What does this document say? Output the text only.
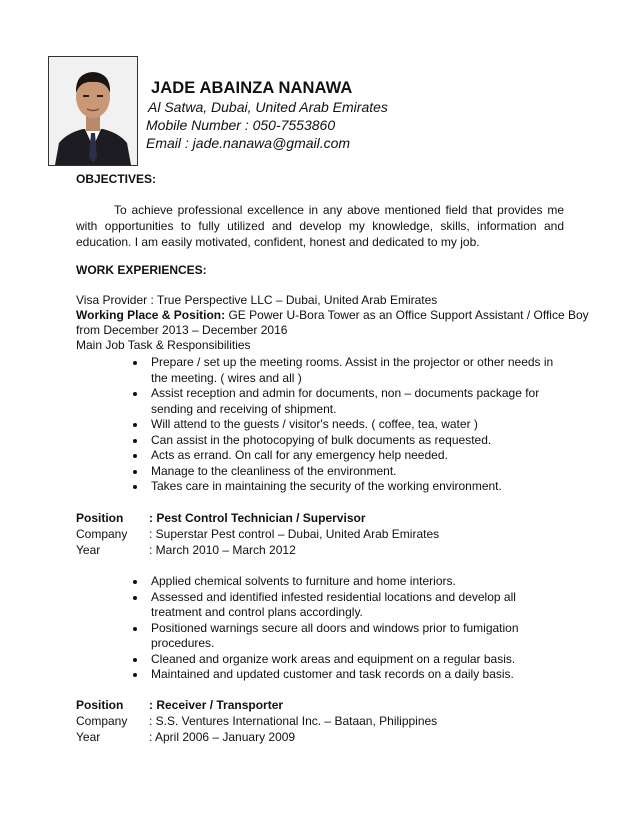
JADE ABAINZA NANAWA
Al Satwa, Dubai, United Arab Emirates
Mobile Number : 050-7553860
Email : jade.nanawa@gmail.com
OBJECTIVES:
To achieve professional excellence in any above mentioned field that provides me with opportunities to fully utilized and develop my knowledge, skills, information and education. I am easily motivated, confident, honest and dedicated to my job.
WORK EXPERIENCES:
Visa Provider : True Perspective LLC – Dubai, United Arab Emirates
Working Place & Position: GE Power U-Bora Tower as an Office Support Assistant / Office Boy
from December 2013 – December 2016
Main Job Task & Responsibilities
Prepare / set up the meeting rooms. Assist in the projector or other needs in the meeting. ( wires and all )
Assist reception and admin for documents, non – documents package for sending and receiving of shipment.
Will attend to the guests / visitor's needs. ( coffee, tea, water )
Can assist in the photocopying of bulk documents as requested.
Acts as errand. On call for any emergency help needed.
Manage to the cleanliness of the environment.
Takes care in maintaining the security of the working environment.
Position : Pest Control Technician / Supervisor
Company : Superstar Pest control – Dubai, United Arab Emirates
Year	: March 2010 – March 2012
Applied chemical solvents to furniture and home interiors.
Assessed and identified infested residential locations and develop all treatment and control plans accordingly.
Positioned warnings secure all doors and windows prior to fumigation procedures.
Cleaned and organize work areas and equipment on a regular basis.
Maintained and updated customer and task records on a daily basis.
Position : Receiver / Transporter
Company : S.S. Ventures International Inc. – Bataan, Philippines
Year	: April 2006 – January 2009
